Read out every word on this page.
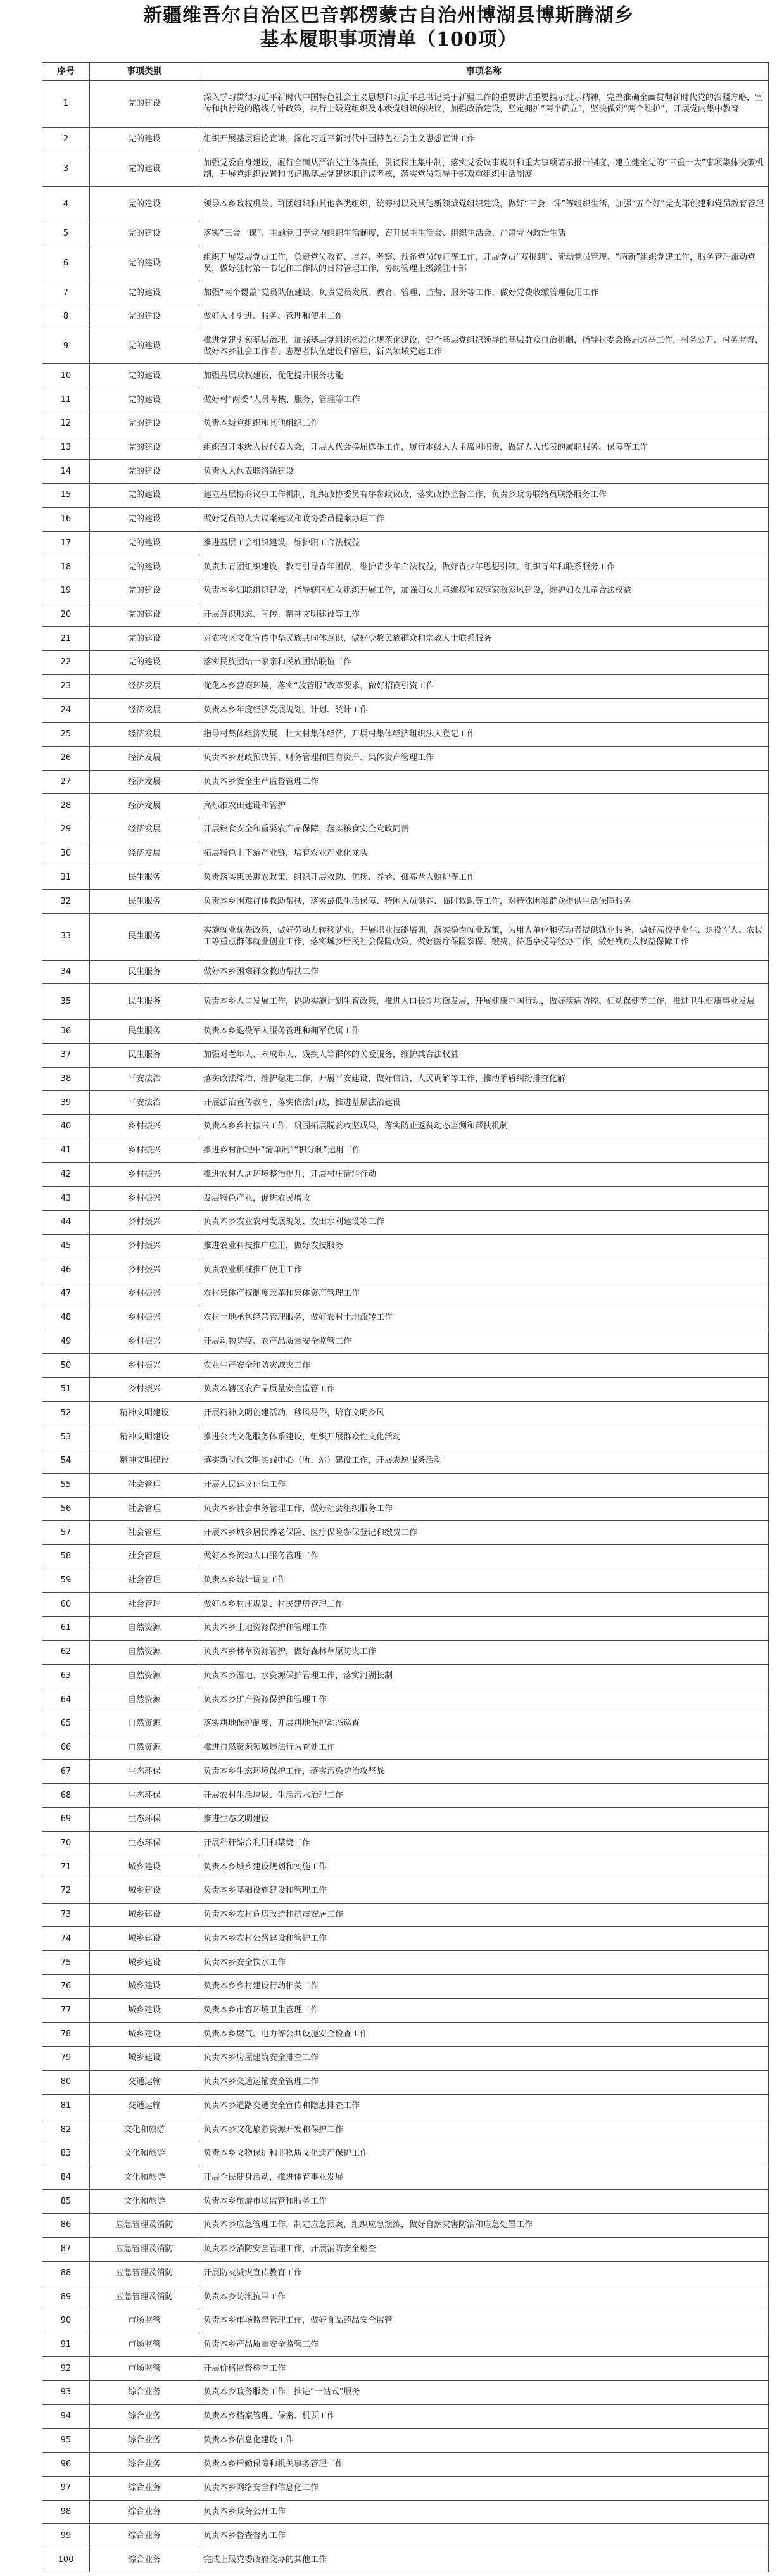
新疆维吾尔自治区巴音郭楞蒙古自治州博湖县博斯腾湖乡
基本履职事项清单（100项）
序号	事项类别	事项名称
1	党的建设	深入学习贯彻习近平新时代中国特色社会主义思想和习近平总书记关于新疆工作的重要讲话重要指示批示精神，完整准确全面贯彻新时代党的治疆方略，宣传和执行党的路线方针政策，执行上级党组织及本级党组织的决议，加强政治建设，坚定拥护“两个确立”，坚决做到“两个维护”，开展党内集中教育
2	党的建设	组织开展基层理论宣讲，深化习近平新时代中国特色社会主义思想宣讲工作
3	党的建设	加强党委自身建设，履行全面从严治党主体责任，贯彻民主集中制，落实党委议事规则和重大事项请示报告制度，建立健全党的“三重一大”事项集体决策机制，开展党组织设置和书记抓基层党建述职评议考核，落实党员领导干部双重组织生活制度
4	党的建设	领导本乡政权机关、群团组织和其他各类组织，统筹村以及其他新领域党组织建设，做好“三会一课”等组织生活，加强“五个好”党支部创建和党员教育管理
5	党的建设	落实“三会一课”、主题党日等党内组织生活制度，召开民主生活会、组织生活会，严肃党内政治生活
6	党的建设	组织开展发展党员工作，负责党员教育、培养、考察、预备党员转正等工作，开展党员“双报到”、流动党员管理、“两新”组织党建工作，服务管理流动党员，做好驻村第一书记和工作队的日常管理工作，协助管理上级派驻干部
7	党的建设	加强“两个覆盖”党员队伍建设，负责党员发展、教育、管理、监督、服务等工作，做好党费收缴管理使用工作
8	党的建设	做好人才引进、服务、管理和使用工作
9	党的建设	推进党建引领基层治理，加强基层党组织标准化规范化建设，健全基层党组织领导的基层群众自治机制，指导村委会换届选举工作，村务公开、村务监督，做好本乡社会工作者、志愿者队伍建设和管理，新兴领域党建工作
10	党的建设	加强基层政权建设，优化提升服务功能
11	党的建设	做好村“两委”人员考核、服务、管理等工作
12	党的建设	负责本级党组织和其他组织工作
13	党的建设	组织召开本级人民代表大会，开展人代会换届选举工作，履行本级人大主席团职责，做好人大代表的履职服务、保障等工作
14	党的建设	负责人大代表联络站建设
15	党的建设	建立基层协商议事工作机制，组织政协委员有序参政议政，落实政协监督工作，负责乡政协联络员联络服务工作
16	党的建设	做好党员的人大议案建议和政协委员提案办理工作
17	党的建设	推进基层工会组织建设，维护职工合法权益
18	党的建设	负责共青团组织建设，教育引导青年团员，维护青少年合法权益，做好青少年思想引领、组织青年和联系服务工作
19	党的建设	负责本乡妇联组织建设，指导辖区妇女组织开展工作，加强妇女儿童维权和家庭家教家风建设，维护妇女儿童合法权益
20	党的建设	开展意识形态、宣传、精神文明建设等工作
21	党的建设	对农牧区文化宣传中华民族共同体意识，做好少数民族群众和宗教人士联系服务
22	党的建设	落实民族团结一家亲和民族团结联谊工作
23	经济发展	优化本乡营商环境，落实“放管服”改革要求，做好招商引资工作
24	经济发展	负责本乡年度经济发展规划、计划、统计工作
25	经济发展	指导村集体经济发展，壮大村集体经济，开展村集体经济组织法人登记工作
26	经济发展	负责本乡财政预决算、财务管理和国有资产、集体资产管理工作
27	经济发展	负责本乡安全生产监督管理工作
28	经济发展	高标准农田建设和管护
29	经济发展	开展粮食安全和重要农产品保障，落实粮食安全党政同责
30	经济发展	拓展特色上下游产业链，培育农业产业化龙头
31	民生服务	负责落实惠民惠农政策，组织开展救助、优抚、养老、孤寡老人照护等工作
32	民生服务	负责本乡困难群体救助帮扶，落实最低生活保障、特困人员供养、临时救助等工作，对特殊困难群众提供生活保障服务
33	民生服务	实施就业优先政策，做好劳动力转移就业，开展职业技能培训，落实稳岗就业政策，为用人单位和劳动者提供就业服务，做好高校毕业生、退役军人、农民工等重点群体就业创业工作，落实城乡居民社会保险政策，做好医疗保险参保、缴费、待遇享受等经办工作，做好残疾人权益保障工作
34	民生服务	做好本乡困难群众救助帮扶工作
35	民生服务	负责本乡人口发展工作，协助实施计划生育政策，推进人口长期均衡发展，开展健康中国行动，做好疾病防控、妇幼保健等工作，推进卫生健康事业发展
36	民生服务	负责本乡退役军人服务管理和拥军优属工作
37	民生服务	加强对老年人、未成年人、残疾人等群体的关爱服务，维护其合法权益
38	平安法治	落实政法综治、维护稳定工作，开展平安建设，做好信访、人民调解等工作，推动矛盾纠纷排查化解
39	平安法治	开展法治宣传教育，落实依法行政，推进基层法治建设
40	乡村振兴	负责本乡乡村振兴工作，巩固拓展脱贫攻坚成果，落实防止返贫动态监测和帮扶机制
41	乡村振兴	推进乡村治理中“清单制”“积分制”运用工作
42	乡村振兴	推进农村人居环境整治提升，开展村庄清洁行动
43	乡村振兴	发展特色产业，促进农民增收
44	乡村振兴	负责本乡农业农村发展规划、农田水利建设等工作
45	乡村振兴	推进农业科技推广应用，做好农技服务
46	乡村振兴	负责农业机械推广使用工作
47	乡村振兴	农村集体产权制度改革和集体资产管理工作
48	乡村振兴	农村土地承包经营管理服务，做好农村土地流转工作
49	乡村振兴	开展动物防疫、农产品质量安全监管工作
50	乡村振兴	农业生产安全和防灾减灾工作
51	乡村振兴	负责本辖区农产品质量安全监管工作
52	精神文明建设	开展精神文明创建活动，移风易俗，培育文明乡风
53	精神文明建设	推进公共文化服务体系建设，组织开展群众性文化活动
54	精神文明建设	落实新时代文明实践中心（所、站）建设工作，开展志愿服务活动
55	社会管理	开展人民建议征集工作
56	社会管理	负责本乡社会事务管理工作，做好社会组织服务工作
57	社会管理	开展本乡城乡居民养老保险、医疗保险参保登记和缴费工作
58	社会管理	做好本乡流动人口服务管理工作
59	社会管理	负责本乡统计调查工作
60	社会管理	做好本乡村庄规划、村民建房管理工作
61	自然资源	负责本乡土地资源保护和管理工作
62	自然资源	负责本乡林草资源管护，做好森林草原防火工作
63	自然资源	负责本乡湿地、水资源保护管理工作，落实河湖长制
64	自然资源	负责本乡矿产资源保护和管理工作
65	自然资源	落实耕地保护制度，开展耕地保护动态巡查
66	自然资源	推进自然资源领域违法行为查处工作
67	生态环保	负责本乡生态环境保护工作，落实污染防治攻坚战
68	生态环保	开展农村生活垃圾、生活污水治理工作
69	生态环保	推进生态文明建设
70	生态环保	开展秸秆综合利用和禁烧工作
71	城乡建设	负责本乡城乡建设规划和实施工作
72	城乡建设	负责本乡基础设施建设和管理工作
73	城乡建设	负责本乡农村危房改造和抗震安居工作
74	城乡建设	负责本乡农村公路建设和管护工作
75	城乡建设	负责本乡安全饮水工作
76	城乡建设	负责本乡乡村建设行动相关工作
77	城乡建设	负责本乡市容环境卫生管理工作
78	城乡建设	负责本乡燃气、电力等公共设施安全检查工作
79	城乡建设	负责本乡房屋建筑安全排查工作
80	交通运输	负责本乡交通运输安全管理工作
81	交通运输	负责本乡道路交通安全宣传和隐患排查工作
82	文化和旅游	负责本乡文化旅游资源开发和保护工作
83	文化和旅游	负责本乡文物保护和非物质文化遗产保护工作
84	文化和旅游	开展全民健身活动，推进体育事业发展
85	文化和旅游	负责本乡旅游市场监管和服务工作
86	应急管理及消防	负责本乡应急管理工作，制定应急预案，组织应急演练，做好自然灾害防治和应急处置工作
87	应急管理及消防	负责本乡消防安全管理工作，开展消防安全检查
88	应急管理及消防	开展防灾减灾宣传教育工作
89	应急管理及消防	负责本乡防汛抗旱工作
90	市场监管	负责本乡市场监督管理工作，做好食品药品安全监管
91	市场监管	负责本乡产品质量安全监管工作
92	市场监管	开展价格监督检查工作
93	综合业务	负责本乡政务服务工作，推进“一站式”服务
94	综合业务	负责本乡档案管理、保密、机要工作
95	综合业务	负责本乡信息化建设工作
96	综合业务	负责本乡后勤保障和机关事务管理工作
97	综合业务	负责本乡网络安全和信息化工作
98	综合业务	负责本乡政务公开工作
99	综合业务	负责本乡督查督办工作
100	综合业务	完成上级党委政府交办的其他工作
